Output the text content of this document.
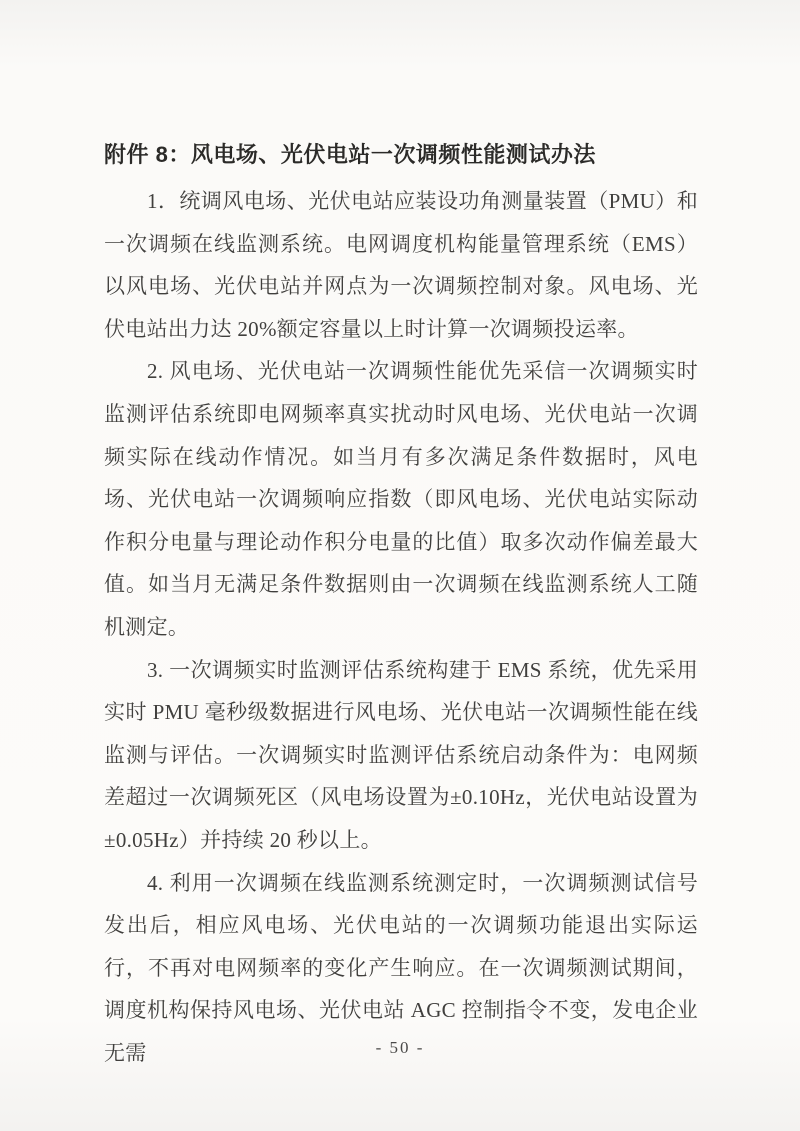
附件 8：风电场、光伏电站一次调频性能测试办法

1．统调风电场、光伏电站应装设功角测量装置（PMU）和一次调频在线监测系统。电网调度机构能量管理系统（EMS）以风电场、光伏电站并网点为一次调频控制对象。风电场、光伏电站出力达 20%额定容量以上时计算一次调频投运率。

2. 风电场、光伏电站一次调频性能优先采信一次调频实时监测评估系统即电网频率真实扰动时风电场、光伏电站一次调频实际在线动作情况。如当月有多次满足条件数据时，风电场、光伏电站一次调频响应指数（即风电场、光伏电站实际动作积分电量与理论动作积分电量的比值）取多次动作偏差最大值。如当月无满足条件数据则由一次调频在线监测系统人工随机测定。

3. 一次调频实时监测评估系统构建于 EMS 系统，优先采用实时 PMU 毫秒级数据进行风电场、光伏电站一次调频性能在线监测与评估。一次调频实时监测评估系统启动条件为：电网频差超过一次调频死区（风电场设置为±0.10Hz，光伏电站设置为±0.05Hz）并持续 20 秒以上。

4. 利用一次调频在线监测系统测定时，一次调频测试信号发出后，相应风电场、光伏电站的一次调频功能退出实际运行，不再对电网频率的变化产生响应。在一次调频测试期间，调度机构保持风电场、光伏电站 AGC 控制指令不变，发电企业无需	- 50 -
